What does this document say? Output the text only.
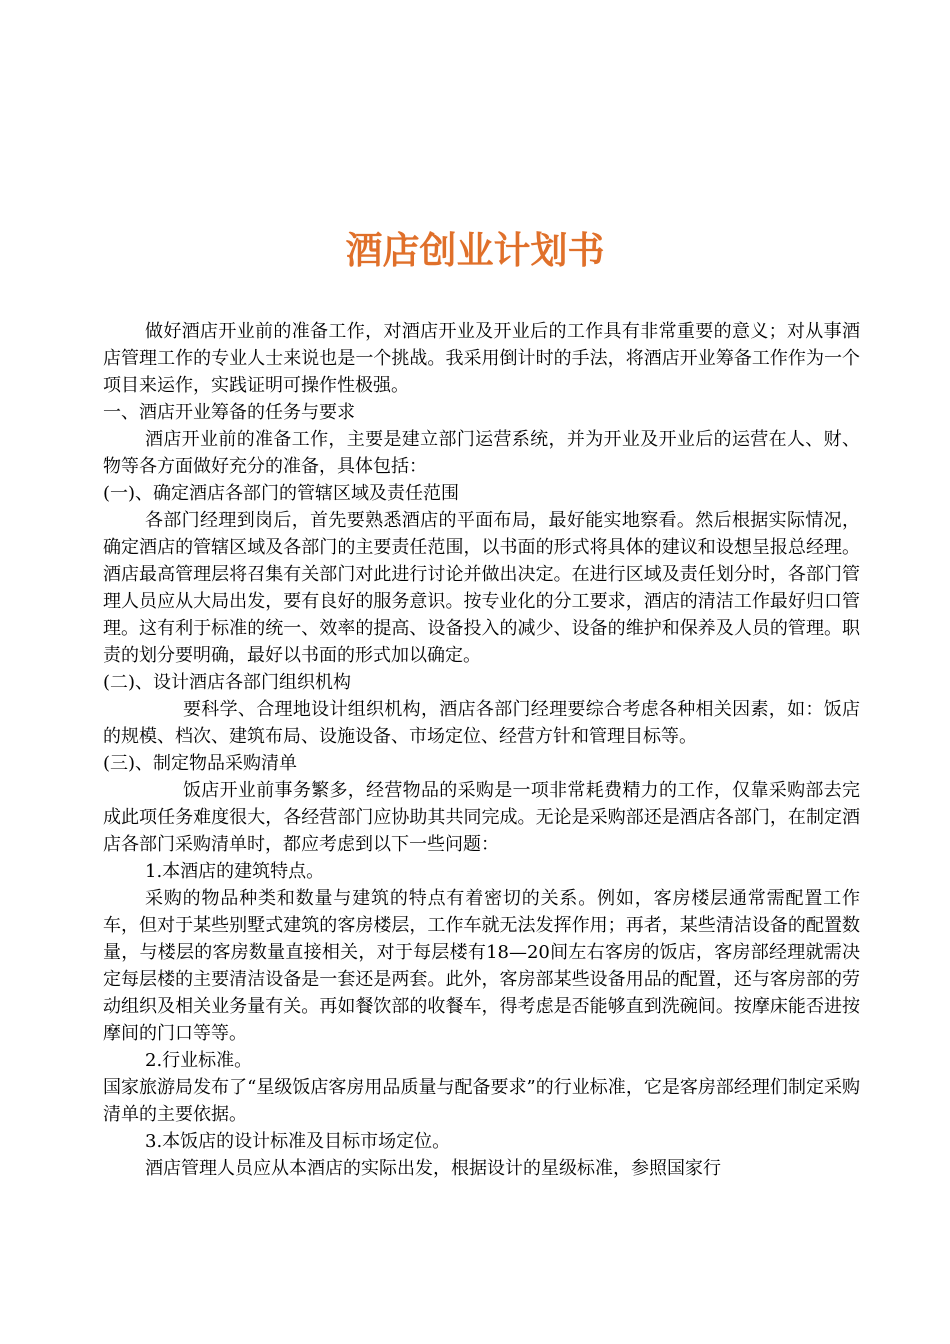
酒店创业计划书

做好酒店开业前的准备工作，对酒店开业及开业后的工作具有非常重要的意义；对从事酒店管理工作的专业人士来说也是一个挑战。我采用倒计时的手法，将酒店开业筹备工作作为一个项目来运作，实践证明可操作性极强。

一、酒店开业筹备的任务与要求

酒店开业前的准备工作，主要是建立部门运营系统，并为开业及开业后的运营在人、财、物等各方面做好充分的准备，具体包括：

(一)、确定酒店各部门的管辖区域及责任范围

各部门经理到岗后，首先要熟悉酒店的平面布局，最好能实地察看。然后根据实际情况，确定酒店的管辖区域及各部门的主要责任范围，以书面的形式将具体的建议和设想呈报总经理。酒店最高管理层将召集有关部门对此进行讨论并做出决定。在进行区域及责任划分时，各部门管理人员应从大局出发，要有良好的服务意识。按专业化的分工要求，酒店的清洁工作最好归口管理。这有利于标准的统一、效率的提高、设备投入的减少、设备的维护和保养及人员的管理。职责的划分要明确，最好以书面的形式加以确定。

(二)、设计酒店各部门组织机构

要科学、合理地设计组织机构，酒店各部门经理要综合考虑各种相关因素，如：饭店的规模、档次、建筑布局、设施设备、市场定位、经营方针和管理目标等。

(三)、制定物品采购清单

饭店开业前事务繁多，经营物品的采购是一项非常耗费精力的工作，仅靠采购部去完成此项任务难度很大，各经营部门应协助其共同完成。无论是采购部还是酒店各部门，在制定酒店各部门采购清单时，都应考虑到以下一些问题：

1.本酒店的建筑特点。

采购的物品种类和数量与建筑的特点有着密切的关系。例如，客房楼层通常需配置工作车，但对于某些别墅式建筑的客房楼层，工作车就无法发挥作用；再者，某些清洁设备的配置数量，与楼层的客房数量直接相关，对于每层楼有18—20间左右客房的饭店，客房部经理就需决定每层楼的主要清洁设备是一套还是两套。此外，客房部某些设备用品的配置，还与客房部的劳动组织及相关业务量有关。再如餐饮部的收餐车，得考虑是否能够直到洗碗间。按摩床能否进按摩间的门口等等。

2.行业标准。

国家旅游局发布了“星级饭店客房用品质量与配备要求”的行业标准，它是客房部经理们制定采购清单的主要依据。

3.本饭店的设计标准及目标市场定位。

酒店管理人员应从本酒店的实际出发，根据设计的星级标准，参照国家行
